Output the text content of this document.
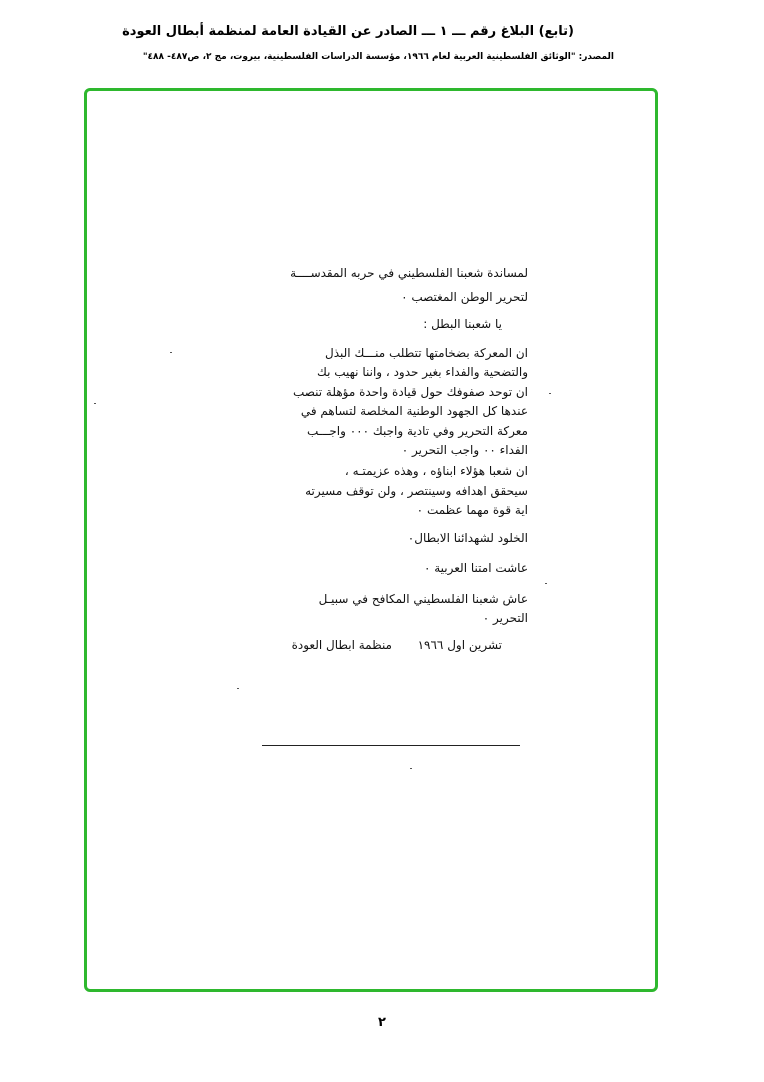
(تابع) البلاغ رقم ـــ ١ ـــ الصادر عن القيادة العامة لمنظمة أبطال العودة
المصدر: "الوثائق الفلسطينية العربية لعام ١٩٦٦، مؤسسة الدراسات الفلسطينية، بيروت، مج ٢، ص٤٨٧- ٤٨٨"
لمساندة شعبنا الفلسطيني في حربه المقدســــة
لتحرير الوطن المغتصب ٠
يا شعبنا البطل :
ان المعركة بضخامتها تتطلب منـــك البذل
والتضحية والفداء بغير حدود ، واننا نهيب بك
ان توحد صفوفك حول قيادة واحدة مؤهلة تنصب
عندها كل الجهود الوطنية المخلصة لتساهم في
معركة التحرير وفي تادية واجبك ٠٠٠ واجـــب
الفداء ٠٠ واجب التحرير ٠
ان شعبا هؤلاء ابناؤه ، وهذه عزيمتـه ،
سيحقق اهدافه وسينتصر ، ولن توقف مسيرته
اية قوة مهما عظمت ٠
الخلود لشهدائنا الابطال٠
عاشت امتنا العربية ٠
عاش شعبنا الفلسطيني المكافح في سبيـل
التحرير ٠
تشرين اول ١٩٦٦
منظمة ابطال العودة
٢
